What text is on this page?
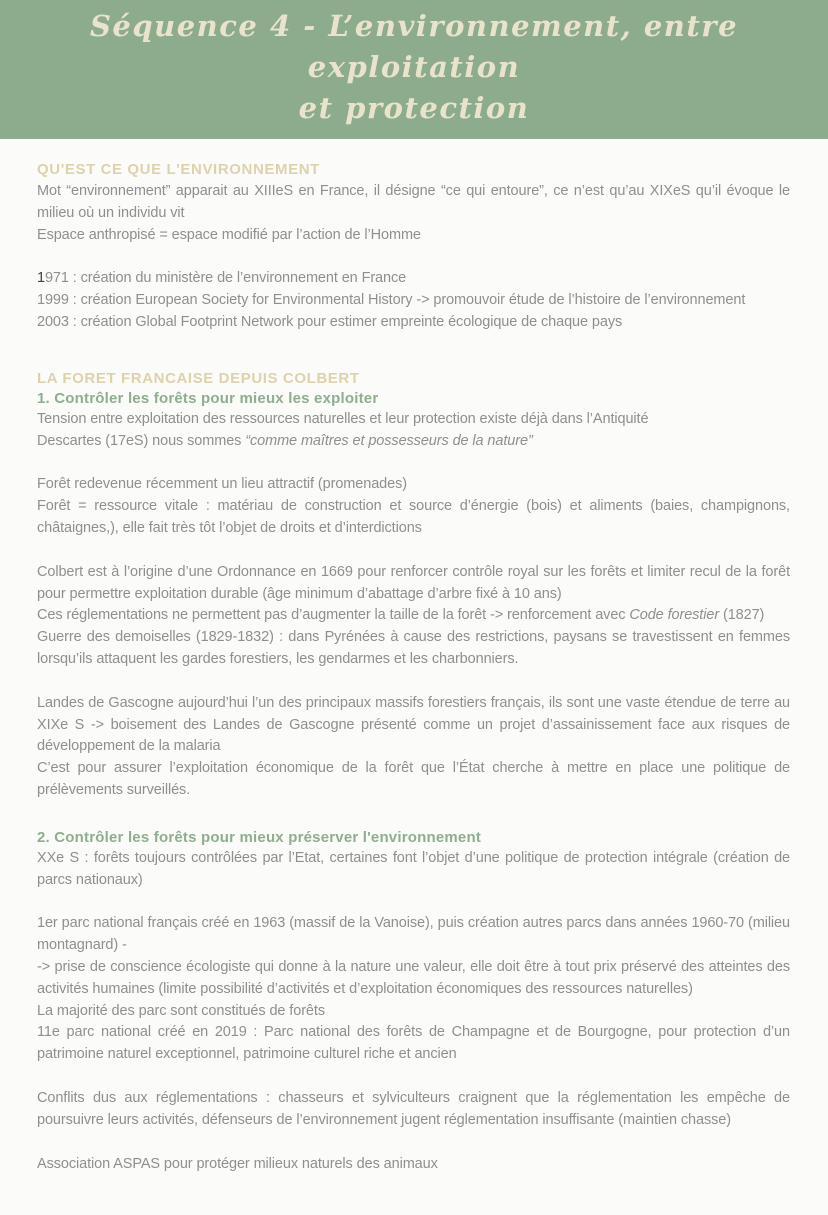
Séquence 4 - L’environnement, entre exploitation
et protection
QU'EST CE QUE L'ENVIRONNEMENT

Mot “environnement” apparait au XIIIeS en France, il désigne “ce qui entoure”, ce n’est qu’au XIXeS qu’il évoque le milieu où un individu vit

Espace anthropisé = espace modifié par l’action de l’Homme

1971 : création du ministère de l’environnement en France

1999 : création European Society for Environmental History -> promouvoir étude de l’histoire de l’environnement

2003 : création Global Footprint Network pour estimer empreinte écologique de chaque pays

LA FORET FRANCAISE DEPUIS COLBERT
1. Contrôler les forêts pour mieux les exploiter

Tension entre exploitation des ressources naturelles et leur protection existe déjà dans l’Antiquité

Descartes (17eS) nous sommes “comme maîtres et possesseurs de la nature”

Forêt redevenue récemment un lieu attractif (promenades)

Forêt = ressource vitale : matériau de construction et source d’énergie (bois) et aliments (baies, champignons, châtaignes,), elle fait très tôt l’objet de droits et d’interdictions

Colbert est à l’origine d’une Ordonnance en 1669 pour renforcer contrôle royal sur les forêts et limiter recul de la forêt pour permettre exploitation durable (âge minimum d’abattage d’arbre fixé à 10 ans)

Ces réglementations ne permettent pas d’augmenter la taille de la forêt -> renforcement avec Code forestier (1827)

Guerre des demoiselles (1829-1832) : dans Pyrénées à cause des restrictions, paysans se travestissent en femmes lorsqu’ils attaquent les gardes forestiers, les gendarmes et les charbonniers.

Landes de Gascogne aujourd’hui l’un des principaux massifs forestiers français, ils sont une vaste étendue de terre au XIXe S -> boisement des Landes de Gascogne présenté comme un projet d’assainissement face aux risques de développement de la malaria

C’est pour assurer l’exploitation économique de la forêt que l’État cherche à mettre en place une politique de prélèvements surveillés.

2. Contrôler les forêts pour mieux préserver l'environnement

XXe S : forêts toujours contrôlées par l’Etat, certaines font l’objet d’une politique de protection intégrale (création de parcs nationaux)

1er parc national français créé en 1963 (massif de la Vanoise), puis création autres parcs dans années 1960-70 (milieu montagnard) -

-> prise de conscience écologiste qui donne à la nature une valeur, elle doit être à tout prix préservé des atteintes des activités humaines (limite possibilité d’activités et d’exploitation économiques des ressources naturelles)

La majorité des parc sont constitués de forêts

11e parc national créé en 2019 : Parc national des forêts de Champagne et de Bourgogne, pour protection d’un patrimoine naturel exceptionnel, patrimoine culturel riche et ancien

Conflits dus aux réglementations : chasseurs et sylviculteurs craignent que la réglementation les empêche de poursuivre leurs activités, défenseurs de l’environnement jugent réglementation insuffisante (maintien chasse)

Association ASPAS pour protéger milieux naturels des animaux
